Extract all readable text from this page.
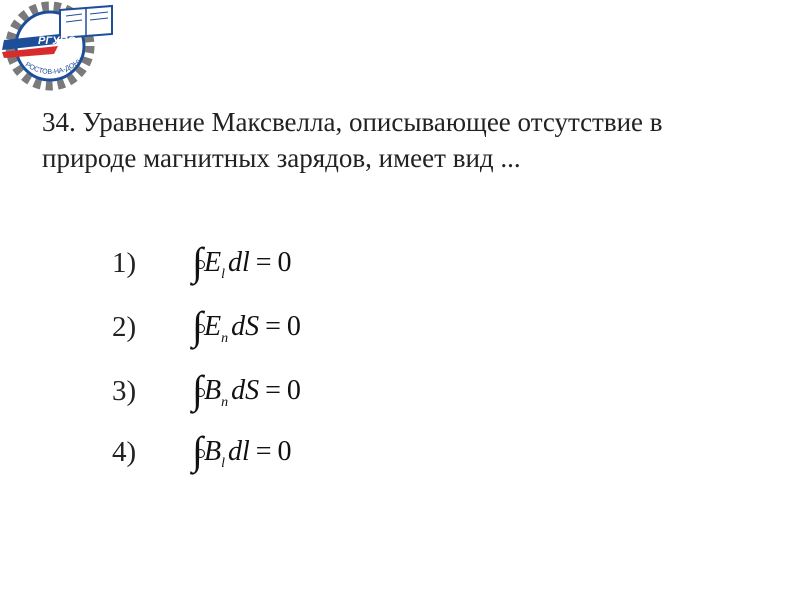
РГУПС
РОСТОВ-НА-ДОНУ
34. Уравнение Максвелла, описывающее отсутствие в
природе магнитных зарядов, имеет вид ...
1) $\int E_l$ dl = 0
2) $\int E_n$ dS = 0
3) $\int B_n$ dS = 0
4) $\int B_l$ dl = 0
